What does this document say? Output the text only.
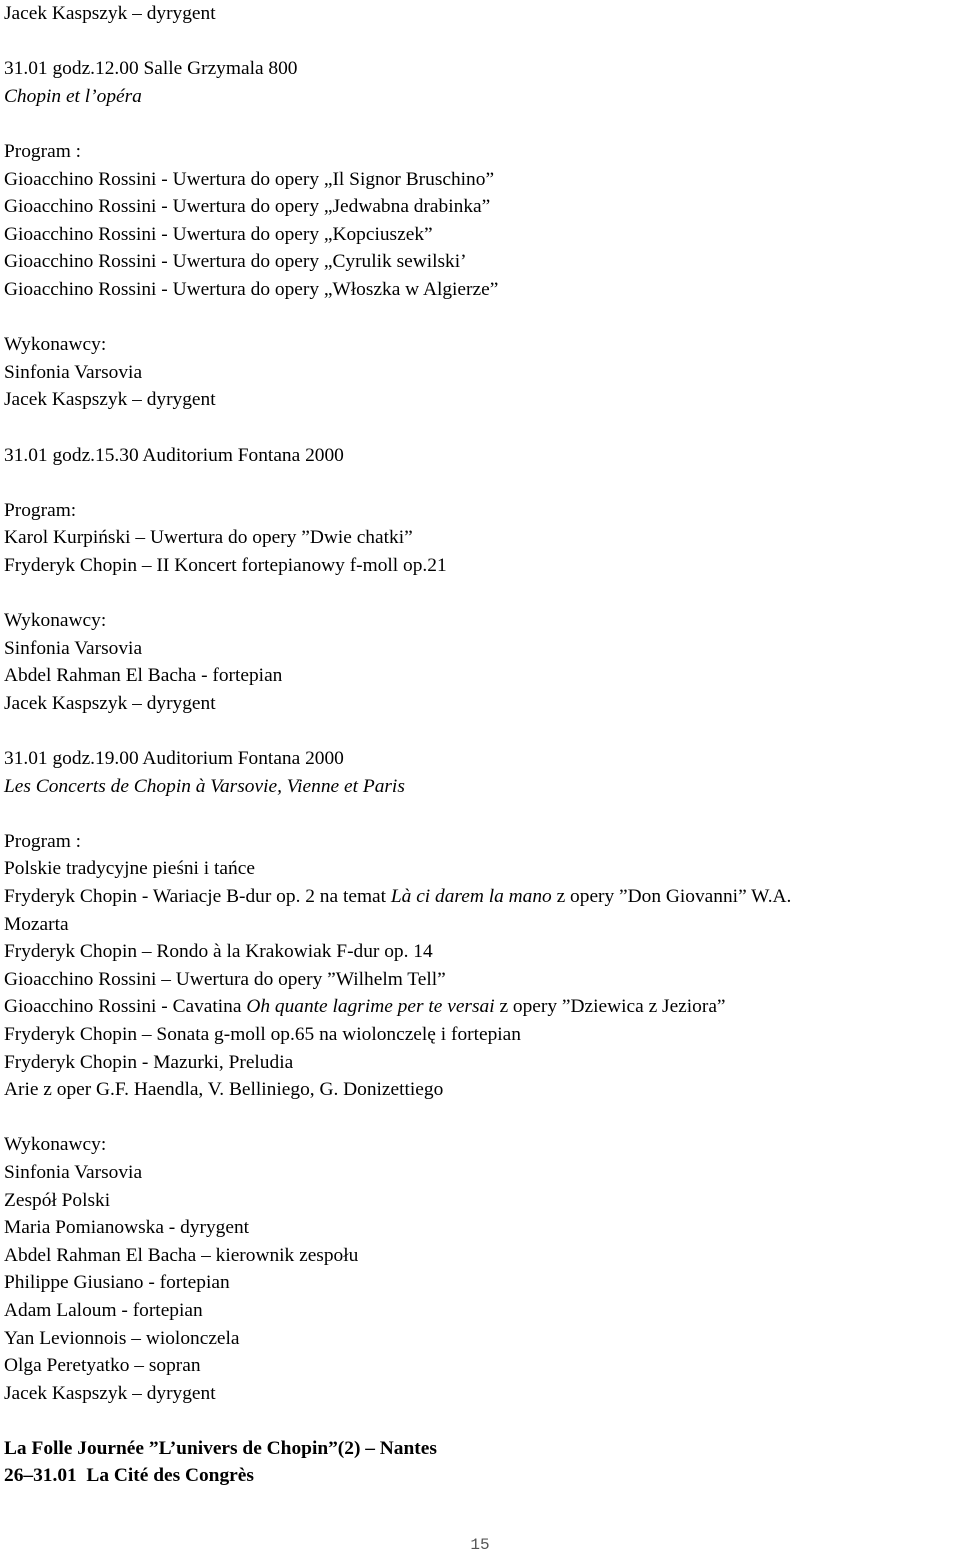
Jacek Kaspszyk – dyrygent
31.01 godz.12.00 Salle Grzymala 800
Chopin et l’opéra
Program :
Gioacchino Rossini - Uwertura do opery „Il Signor Bruschino”
Gioacchino Rossini - Uwertura do opery „Jedwabna drabinka”
Gioacchino Rossini - Uwertura do opery „Kopciuszek”
Gioacchino Rossini - Uwertura do opery „Cyrulik sewilski’
Gioacchino Rossini - Uwertura do opery „Włoszka w Algierze”
Wykonawcy:
Sinfonia Varsovia
Jacek Kaspszyk – dyrygent
31.01 godz.15.30 Auditorium Fontana 2000
Program:
Karol Kurpiński – Uwertura do opery ”Dwie chatki”
Fryderyk Chopin – II Koncert fortepianowy f-moll op.21
Wykonawcy:
Sinfonia Varsovia
Abdel Rahman El Bacha - fortepian
Jacek Kaspszyk – dyrygent
31.01 godz.19.00 Auditorium Fontana 2000
Les Concerts de Chopin à Varsovie, Vienne et Paris
Program :
Polskie tradycyjne pieśni i tańce
Fryderyk Chopin - Wariacje B-dur op. 2 na temat Là ci darem la mano z opery ”Don Giovanni” W.A.
Mozarta
Fryderyk Chopin – Rondo à la Krakowiak F-dur op. 14
Gioacchino Rossini – Uwertura do opery ”Wilhelm Tell”
Gioacchino Rossini - Cavatina Oh quante lagrime per te versai z opery ”Dziewica z Jeziora”
Fryderyk Chopin – Sonata g-moll op.65 na wiolonczelę i fortepian
Fryderyk Chopin - Mazurki, Preludia
Arie z oper G.F. Haendla, V. Belliniego, G. Donizettiego
Wykonawcy:
Sinfonia Varsovia
Zespół Polski
Maria Pomianowska - dyrygent
Abdel Rahman El Bacha – kierownik zespołu
Philippe Giusiano - fortepian
Adam Laloum - fortepian
Yan Levionnois – wiolonczela
Olga Peretyatko – sopran
Jacek Kaspszyk – dyrygent
La Folle Journée ”L’univers de Chopin”(2) – Nantes
26–31.01  La Cité des Congrès
15
